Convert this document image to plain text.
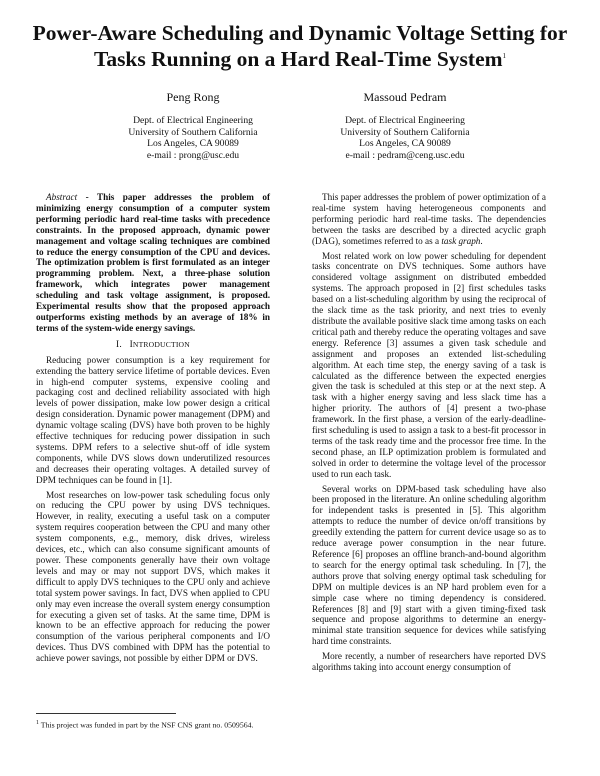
Power-Aware Scheduling and Dynamic Voltage Setting for Tasks Running on a Hard Real-Time System$^1$
Peng Rong	Massoud Pedram
Dept. of Electrical Engineering
University of Southern California
Los Angeles, CA 90089
e-mail : prong@usc.edu
Dept. of Electrical Engineering
University of Southern California
Los Angeles, CA 90089
e-mail : pedram@ceng.usc.edu

Abstract - This paper addresses the problem of minimizing energy consumption of a computer system performing periodic hard real-time tasks with precedence constraints. In the proposed approach, dynamic power management and voltage scaling techniques are combined to reduce the energy consumption of the CPU and devices. The optimization problem is first formulated as an integer programming problem. Next, a three-phase solution framework, which integrates power management scheduling and task voltage assignment, is proposed. Experimental results show that the proposed approach outperforms existing methods by an average of 18% in terms of the system-wide energy savings.

I. INTRODUCTION

Reducing power consumption is a key requirement for extending the battery service lifetime of portable devices. Even in high-end computer systems, expensive cooling and packaging cost and declined reliability associated with high levels of power dissipation, make low power design a critical design consideration. Dynamic power management (DPM) and dynamic voltage scaling (DVS) have both proven to be highly effective techniques for reducing power dissipation in such systems. DPM refers to a selective shut-off of idle system components, while DVS slows down underutilized resources and decreases their operating voltages. A detailed survey of DPM techniques can be found in [1].

Most researches on low-power task scheduling focus only on reducing the CPU power by using DVS techniques. However, in reality, executing a useful task on a computer system requires cooperation between the CPU and many other system components, e.g., memory, disk drives, wireless devices, etc., which can also consume significant amounts of power. These components generally have their own voltage levels and may or may not support DVS, which makes it difficult to apply DVS techniques to the CPU only and achieve total system power savings. In fact, DVS when applied to CPU only may even increase the overall system energy consumption for executing a given set of tasks. At the same time, DPM is known to be an effective approach for reducing the power consumption of the various peripheral components and I/O devices. Thus DVS combined with DPM has the potential to achieve power savings, not possible by either DPM or DVS.

This paper addresses the problem of power optimization of a real-time system having heterogeneous components and performing periodic hard real-time tasks. The dependencies between the tasks are described by a directed acyclic graph (DAG), sometimes referred to as a task graph.

Most related work on low power scheduling for dependent tasks concentrate on DVS techniques. Some authors have considered voltage assignment on distributed embedded systems. The approach proposed in [2] first schedules tasks based on a list-scheduling algorithm by using the reciprocal of the slack time as the task priority, and next tries to evenly distribute the available positive slack time among tasks on each critical path and thereby reduce the operating voltages and save energy. Reference [3] assumes a given task schedule and assignment and proposes an extended list-scheduling algorithm. At each time step, the energy saving of a task is calculated as the difference between the expected energies given the task is scheduled at this step or at the next step. A task with a higher energy saving and less slack time has a higher priority. The authors of [4] present a two-phase framework. In the first phase, a version of the early-deadline-first scheduling is used to assign a task to a best-fit processor in terms of the task ready time and the processor free time. In the second phase, an ILP optimization problem is formulated and solved in order to determine the voltage level of the processor used to run each task.

Several works on DPM-based task scheduling have also been proposed in the literature. An online scheduling algorithm for independent tasks is presented in [5]. This algorithm attempts to reduce the number of device on/off transitions by greedily extending the pattern for current device usage so as to reduce average power consumption in the near future. Reference [6] proposes an offline branch-and-bound algorithm to search for the energy optimal task scheduling. In [7], the authors prove that solving energy optimal task scheduling for DPM on multiple devices is an NP hard problem even for a simple case where no timing dependency is considered. References [8] and [9] start with a given timing-fixed task sequence and propose algorithms to determine an energy-minimal state transition sequence for devices while satisfying hard time constraints.

More recently, a number of researchers have reported DVS algorithms taking into account energy consumption of

$^1$ This project was funded in part by the NSF CNS grant no. 0509564.
